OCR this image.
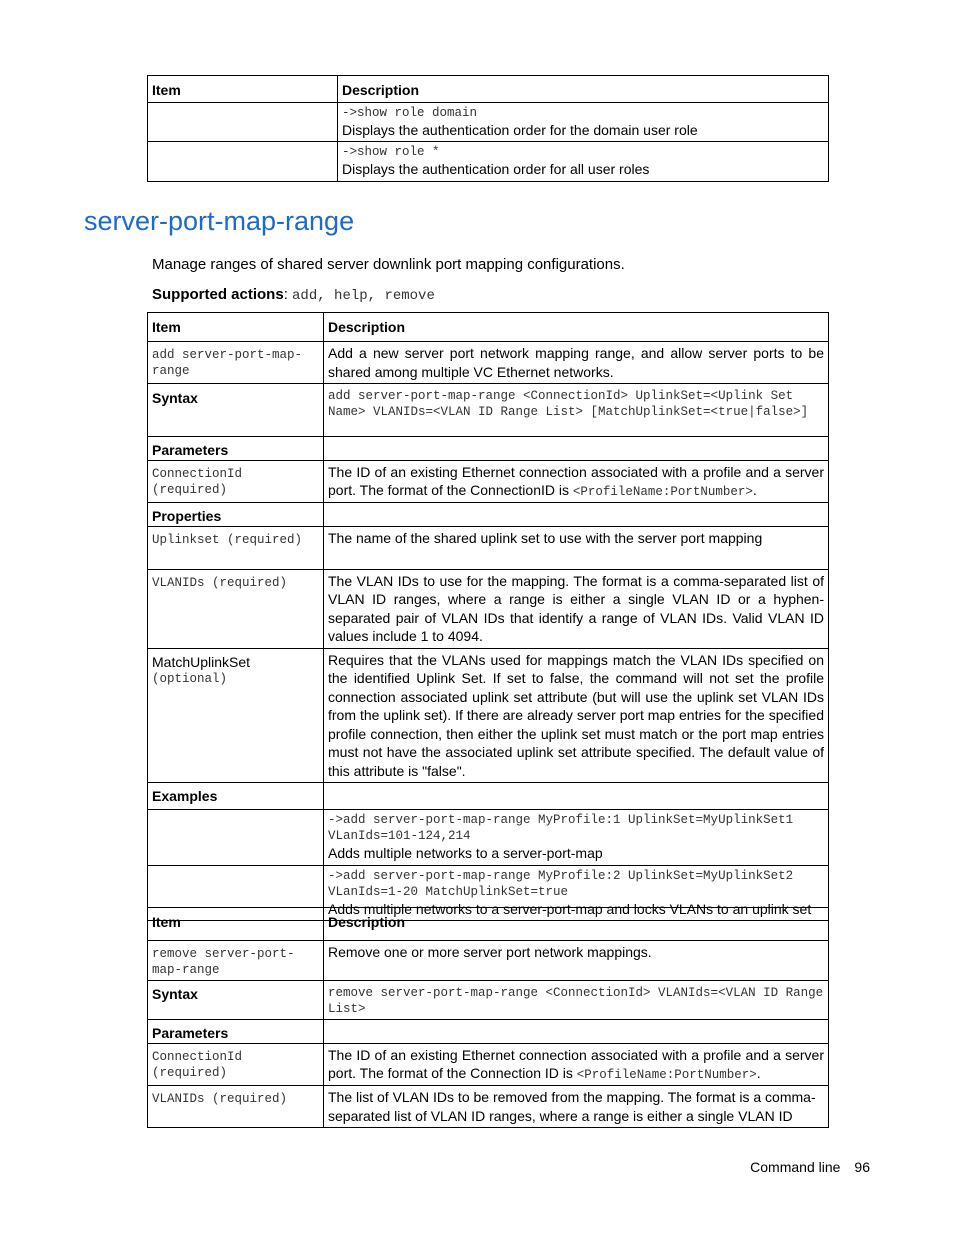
Item	Description

	->show role domain
Displays the authentication order for the domain user role

	->show role *
Displays the authentication order for all user roles
server-port-map-range

Manage ranges of shared server downlink port mapping configurations.

Supported actions: add, help, remove

Item	Description
add server-port-map-range	Add a new server port network mapping range, and allow server ports to be shared among multiple VC Ethernet networks.
Syntax	add server-port-map-range <ConnectionId> UplinkSet=<Uplink Set Name> VLANIDs=<VLAN ID Range List> [MatchUplinkSet=<true|false>]
Parameters	
ConnectionId (required)	The ID of an existing Ethernet connection associated with a profile and a server port. The format of the ConnectionID is <ProfileName:PortNumber>.
Properties	
Uplinkset (required)	The name of the shared uplink set to use with the server port mapping
VLANIDs (required)	The VLAN IDs to use for the mapping. The format is a comma-separated list of VLAN ID ranges, where a range is either a single VLAN ID or a hyphen-separated pair of VLAN IDs that identify a range of VLAN IDs. Valid VLAN ID values include 1 to 4094.

MatchUplinkSet
(optional)	Requires that the VLANs used for mappings match the VLAN IDs specified on the identified Uplink Set. If set to false, the command will not set the profile connection associated uplink set attribute (but will use the uplink set VLAN IDs from the uplink set). If there are already server port map entries for the specified profile connection, then either the uplink set must match or the port map entries must not have the associated uplink set attribute specified. The default value of this attribute is "false".
Examples	

	->add server-port-map-range MyProfile:1 UplinkSet=MyUplinkSet1 VLanIds=101-124,214
Adds multiple networks to a server-port-map

	->add server-port-map-range MyProfile:2 UplinkSet=MyUplinkSet2 VLanIds=1-20 MatchUplinkSet=true
Adds multiple networks to a server-port-map and locks VLANs to an uplink set
Item	Description
remove server-port-map-range	Remove one or more server port network mappings.
Syntax	remove server-port-map-range <ConnectionId> VLANIds=<VLAN ID Range List>
Parameters	
ConnectionId (required)	The ID of an existing Ethernet connection associated with a profile and a server port. The format of the Connection ID is <ProfileName:PortNumber>.
VLANIDs (required)	The list of VLAN IDs to be removed from the mapping. The format is a comma-separated list of VLAN ID ranges, where a range is either a single VLAN ID
Command line 96
